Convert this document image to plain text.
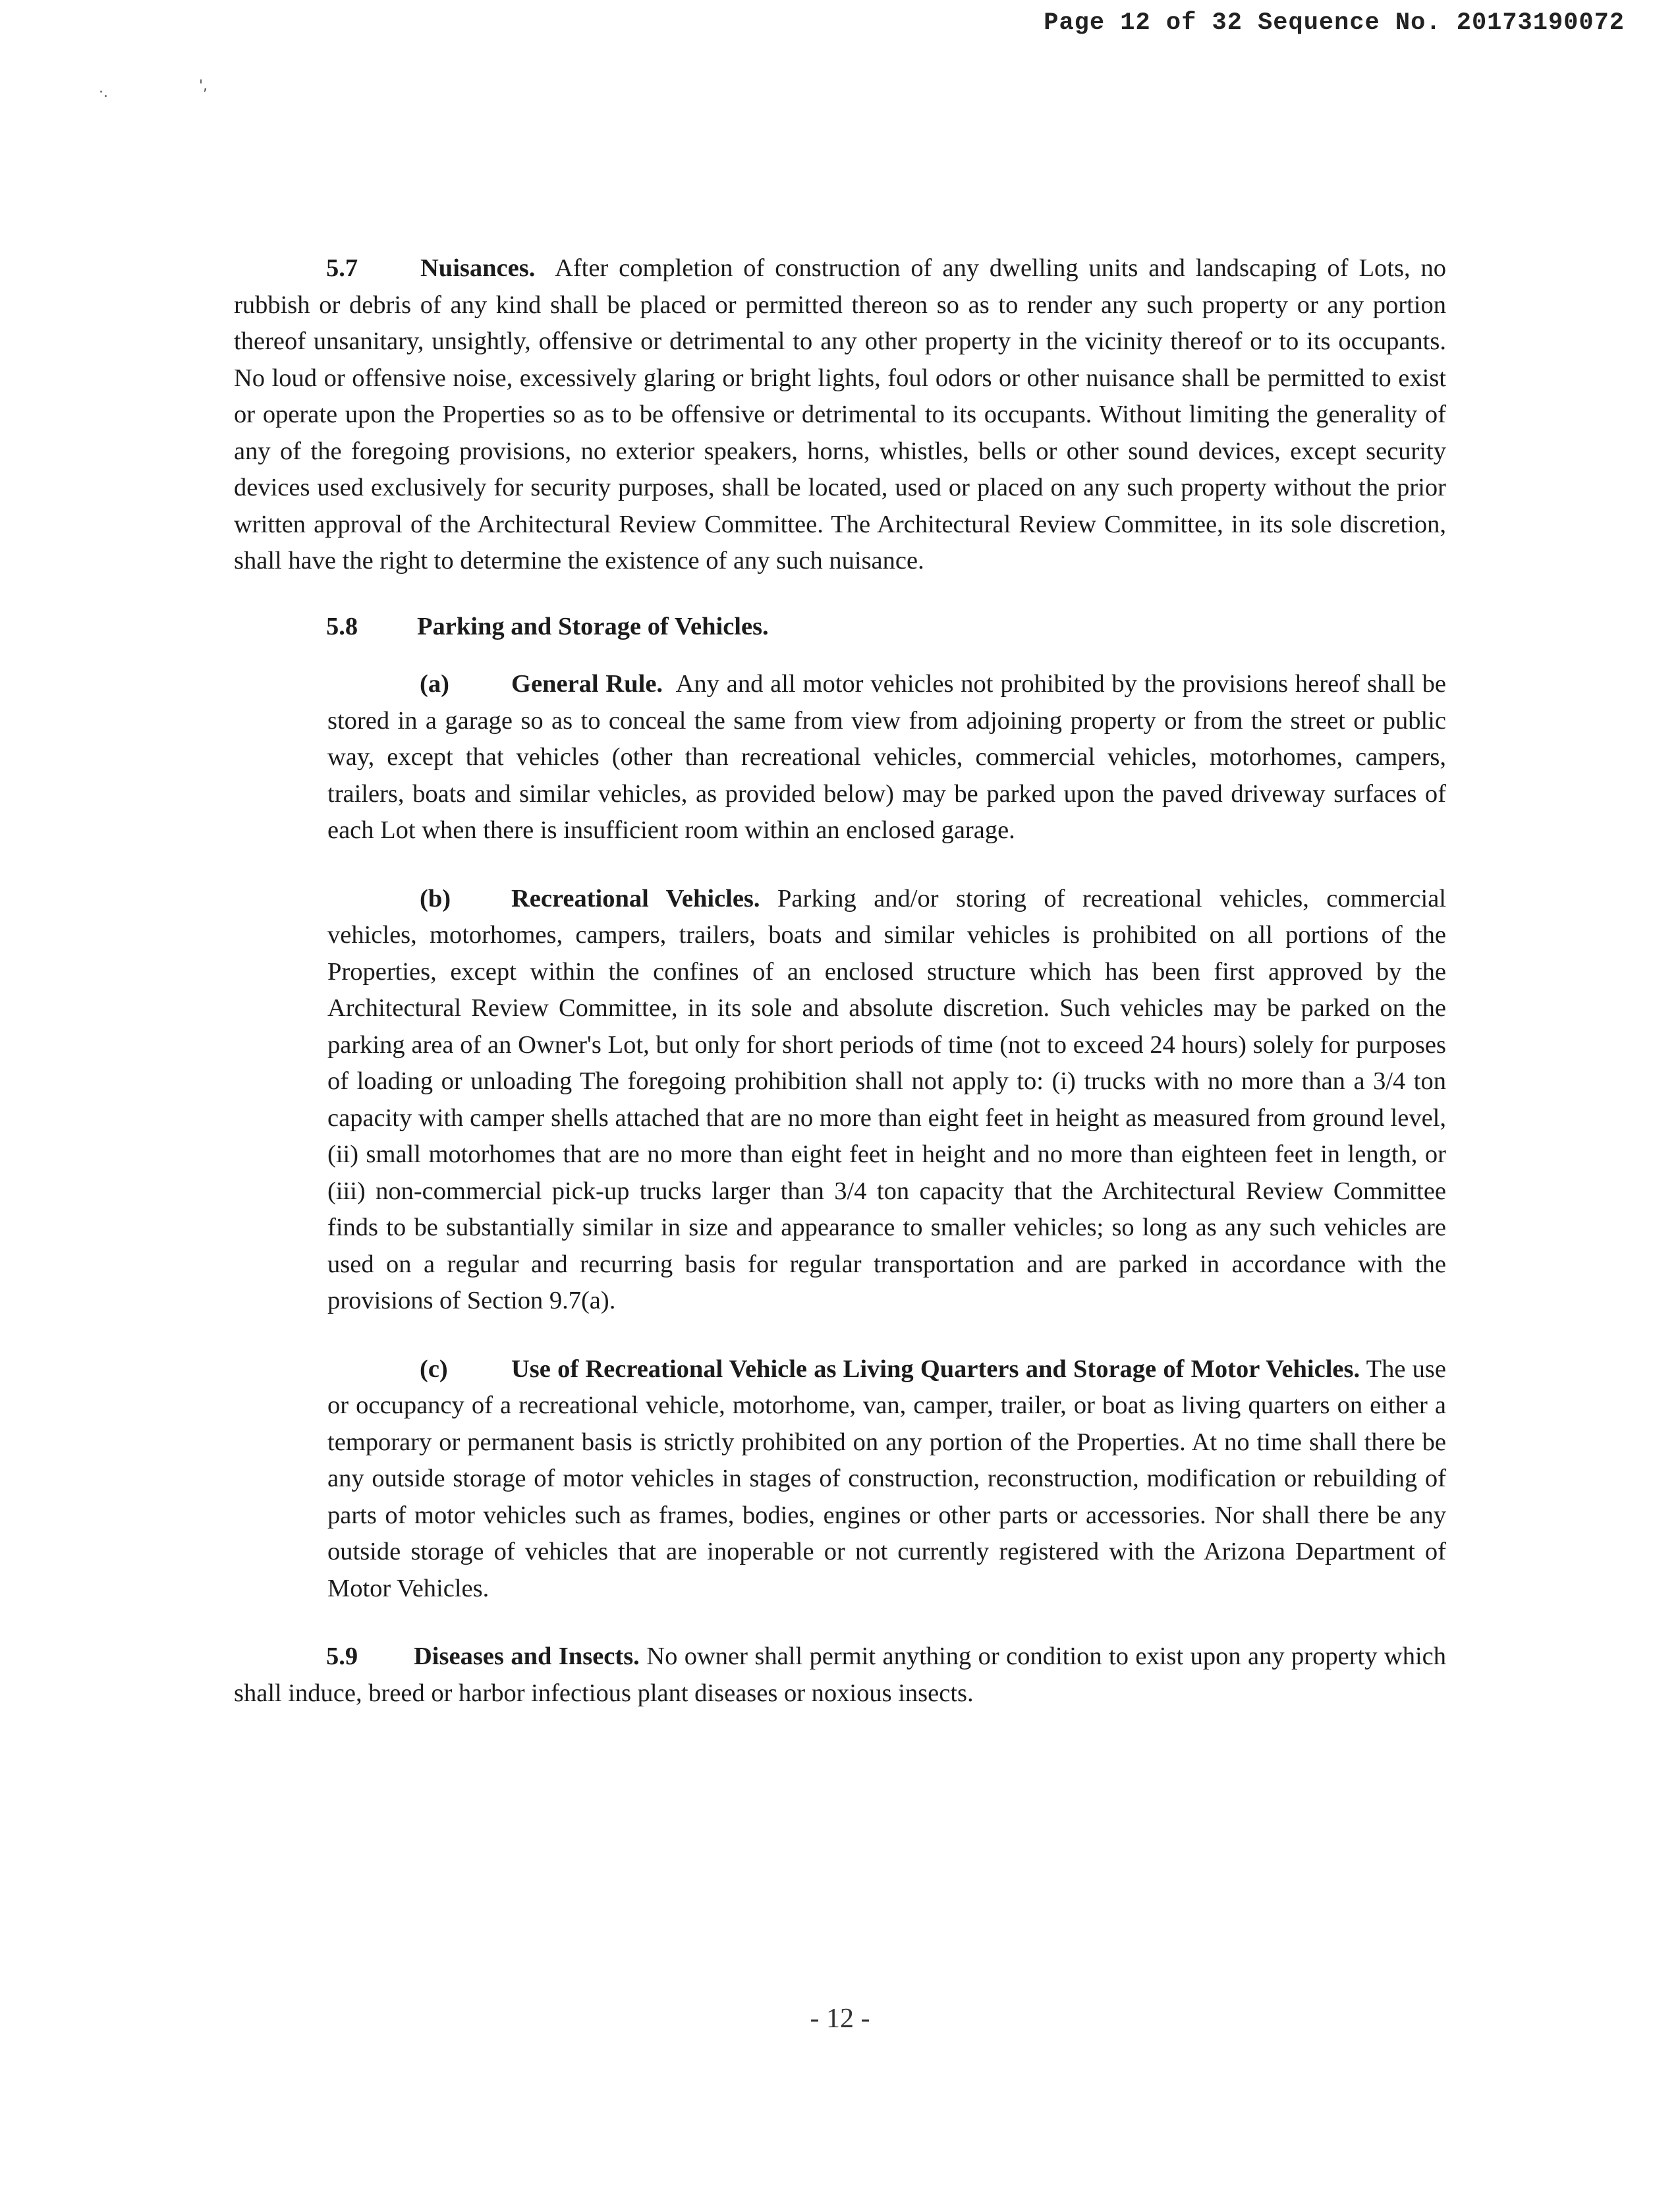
Page 12 of 32 Sequence No. 20173190072
·.	',

5.7 Nuisances. After completion of construction of any dwelling units and landscaping of Lots, no rubbish or debris of any kind shall be placed or permitted thereon so as to render any such property or any portion thereof unsanitary, unsightly, offensive or detrimental to any other property in the vicinity thereof or to its occupants. No loud or offensive noise, excessively glaring or bright lights, foul odors or other nuisance shall be permitted to exist or operate upon the Properties so as to be offensive or detrimental to its occupants. Without limiting the generality of any of the foregoing provisions, no exterior speakers, horns, whistles, bells or other sound devices, except security devices used exclusively for security purposes, shall be located, used or placed on any such property without the prior written approval of the Architectural Review Committee. The Architectural Review Committee, in its sole discretion, shall have the right to determine the existence of any such nuisance.

5.8 Parking and Storage of Vehicles.

(a) General Rule. Any and all motor vehicles not prohibited by the provisions hereof shall be stored in a garage so as to conceal the same from view from adjoining property or from the street or public way, except that vehicles (other than recreational vehicles, commercial vehicles, motorhomes, campers, trailers, boats and similar vehicles, as provided below) may be parked upon the paved driveway surfaces of each Lot when there is insufficient room within an enclosed garage.

(b) Recreational Vehicles. Parking and/or storing of recreational vehicles, commercial vehicles, motorhomes, campers, trailers, boats and similar vehicles is prohibited on all portions of the Properties, except within the confines of an enclosed structure which has been first approved by the Architectural Review Committee, in its sole and absolute discretion. Such vehicles may be parked on the parking area of an Owner's Lot, but only for short periods of time (not to exceed 24 hours) solely for purposes of loading or unloading The foregoing prohibition shall not apply to: (i) trucks with no more than a 3/4 ton capacity with camper shells attached that are no more than eight feet in height as measured from ground level, (ii) small motorhomes that are no more than eight feet in height and no more than eighteen feet in length, or (iii) non-commercial pick-up trucks larger than 3/4 ton capacity that the Architectural Review Committee finds to be substantially similar in size and appearance to smaller vehicles; so long as any such vehicles are used on a regular and recurring basis for regular transportation and are parked in accordance with the provisions of Section 9.7(a).

(c)	Use of Recreational Vehicle as Living Quarters and Storage of Motor Vehicles. The use or occupancy of a recreational vehicle, motorhome, van, camper, trailer, or boat as living quarters on either a temporary or permanent basis is strictly prohibited on any portion of the Properties. At no time shall there be any outside storage of motor vehicles in stages of construction, reconstruction, modification or rebuilding of parts of motor vehicles such as frames, bodies, engines or other parts or accessories. Nor shall there be any outside storage of vehicles that are inoperable or not currently registered with the Arizona Department of Motor Vehicles.

5.9 Diseases and Insects. No owner shall permit anything or condition to exist upon any property which shall induce, breed or harbor infectious plant diseases or noxious insects.

- 12 -
